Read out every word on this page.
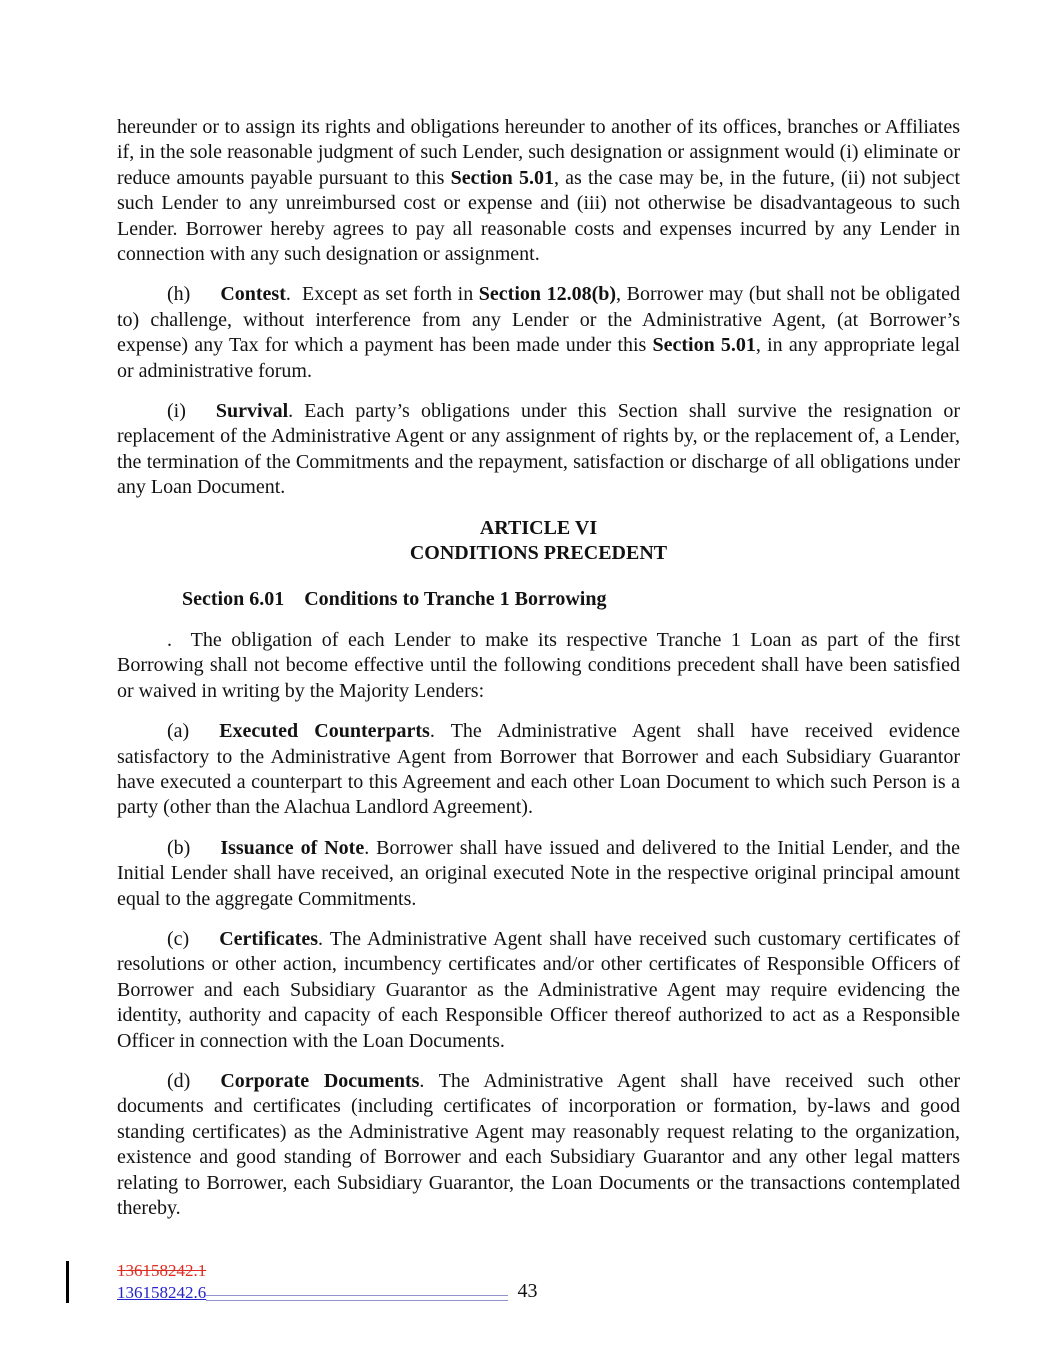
hereunder or to assign its rights and obligations hereunder to another of its offices, branches or Affiliates if, in the sole reasonable judgment of such Lender, such designation or assignment would (i) eliminate or reduce amounts payable pursuant to this Section 5.01, as the case may be, in the future, (ii) not subject such Lender to any unreimbursed cost or expense and (iii) not otherwise be disadvantageous to such Lender. Borrower hereby agrees to pay all reasonable costs and expenses incurred by any Lender in connection with any such designation or assignment.

(h) Contest.  Except as set forth in Section 12.08(b), Borrower may (but shall not be obligated to) challenge, without interference from any Lender or the Administrative Agent, (at Borrower’s expense) any Tax for which a payment has been made under this Section 5.01, in any appropriate legal or administrative forum.

(i) Survival. Each party’s obligations under this Section shall survive the resignation or replacement of the Administrative Agent or any assignment of rights by, or the replacement of, a Lender, the termination of the Commitments and the repayment, satisfaction or discharge of all obligations under any Loan Document.

ARTICLE VI
CONDITIONS PRECEDENT

Section 6.01 Conditions to Tranche 1 Borrowing

.  The obligation of each Lender to make its respective Tranche 1 Loan as part of the first Borrowing shall not become effective until the following conditions precedent shall have been satisfied or waived in writing by the Majority Lenders:

(a) Executed Counterparts. The Administrative Agent shall have received evidence satisfactory to the Administrative Agent from Borrower that Borrower and each Subsidiary Guarantor have executed a counterpart to this Agreement and each other Loan Document to which such Person is a party (other than the Alachua Landlord Agreement).

(b) Issuance of Note. Borrower shall have issued and delivered to the Initial Lender, and the Initial Lender shall have received, an original executed Note in the respective original principal amount equal to the aggregate Commitments.

(c) Certificates. The Administrative Agent shall have received such customary certificates of resolutions or other action, incumbency certificates and/or other certificates of Responsible Officers of Borrower and each Subsidiary Guarantor as the Administrative Agent may require evidencing the identity, authority and capacity of each Responsible Officer thereof authorized to act as a Responsible Officer in connection with the Loan Documents.

(d) Corporate Documents. The Administrative Agent shall have received such other documents and certificates (including certificates of incorporation or formation, by-laws and good standing certificates) as the Administrative Agent may reasonably request relating to the organization, existence and good standing of Borrower and each Subsidiary Guarantor and any other legal matters relating to Borrower, each Subsidiary Guarantor, the Loan Documents or the transactions contemplated thereby.

136158242.1
136158242.6	43
